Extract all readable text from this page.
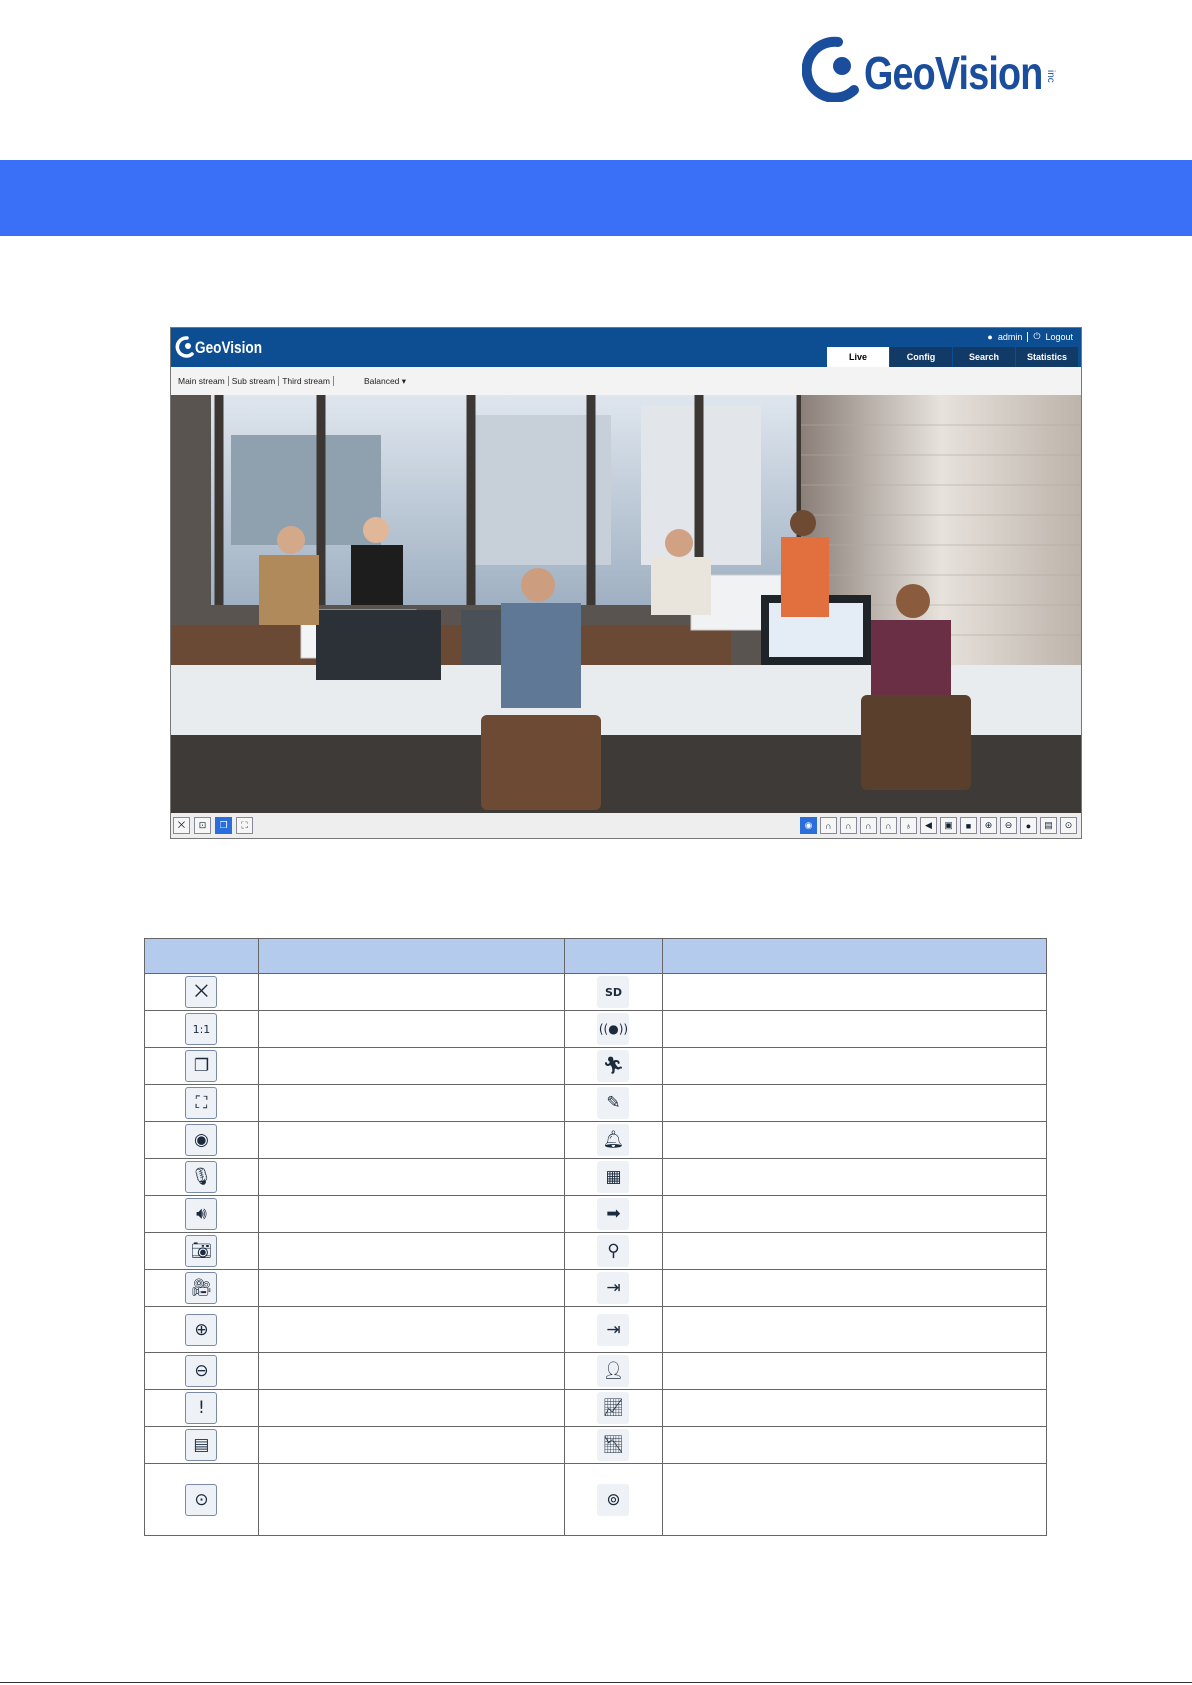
GeoVision inc
GeoVision
● admin ⏻ Logout
Live	Config	Search	Statistics
Main stream Sub stream Third stream	Balanced ▾
⨉	⊡	❐	⛶	◉	∩	∩	∩	∩	♁	◀	▣	■	⊕	⊖	●	▤	⊙

⨉		SD	
1:1		((●))	
❐		🏃︎	
⛶		✎	
◉		🔔︎	
🎙︎		▦	
🔊︎		➡	
📷︎		⚲	
🎥︎		⇥	
⊕		⇥	
⊖		👤︎	
!		📈︎	
▤		📉︎	
⊙		⊚	
